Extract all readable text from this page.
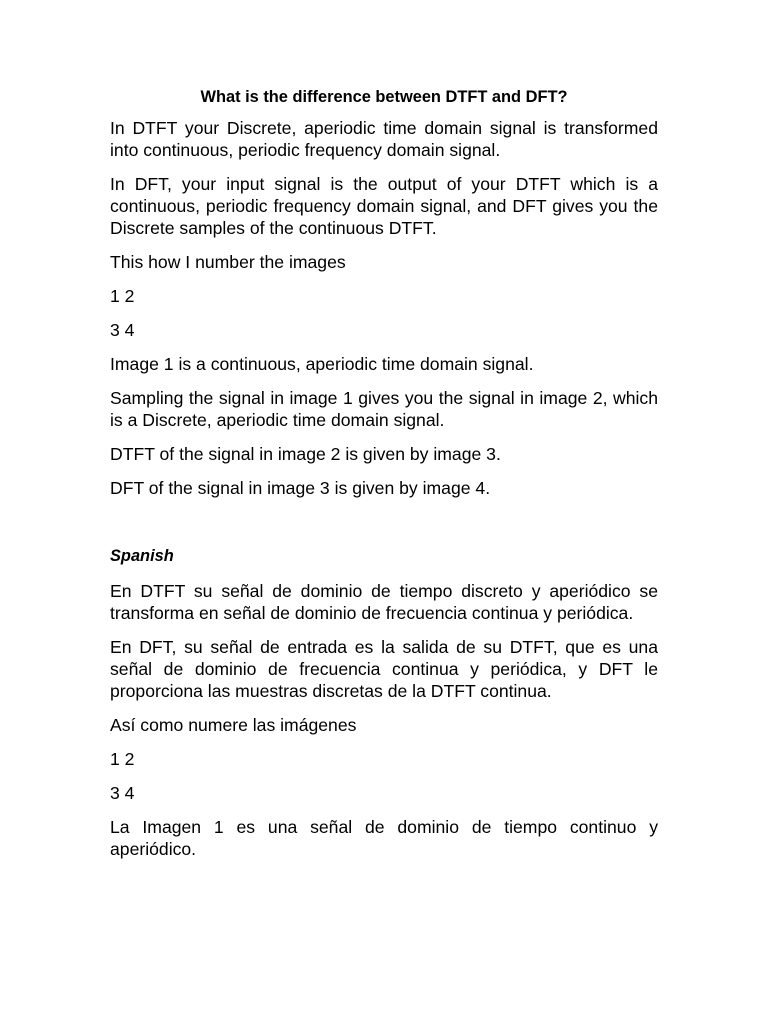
What is the difference between DTFT and DFT?

In DTFT your Discrete, aperiodic time domain signal is transformed into continuous, periodic frequency domain signal.

In DFT, your input signal is the output of your DTFT which is a continuous, periodic frequency domain signal, and DFT gives you the Discrete samples of the continuous DTFT.

This how I number the images

1 2

3 4

Image 1 is a continuous, aperiodic time domain signal.

Sampling the signal in image 1 gives you the signal in image 2, which is a Discrete, aperiodic time domain signal.

DTFT of the signal in image 2 is given by image 3.

DFT of the signal in image 3 is given by image 4.

Spanish

En DTFT su señal de dominio de tiempo discreto y aperiódico se transforma en señal de dominio de frecuencia continua y periódica.

En DFT, su señal de entrada es la salida de su DTFT, que es una señal de dominio de frecuencia continua y periódica, y DFT le proporciona las muestras discretas de la DTFT continua.

Así como numere las imágenes

1 2

3 4

La Imagen 1 es una señal de dominio de tiempo continuo y aperiódico.
